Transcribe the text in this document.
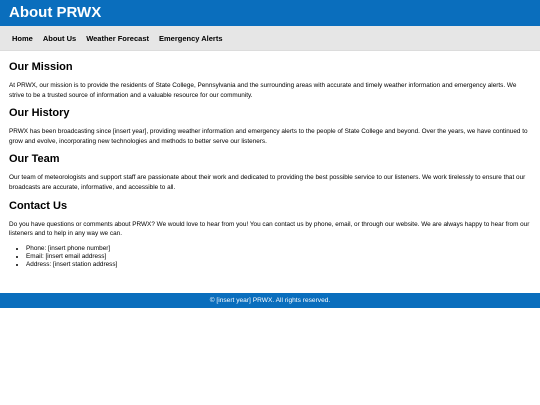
About PRWX
Home About Us Weather Forecast Emergency Alerts
Our Mission

At PRWX, our mission is to provide the residents of State College, Pennsylvania and the surrounding areas with accurate and timely weather information and emergency alerts. We strive to be a trusted source of information and a valuable resource for our community.

Our History

PRWX has been broadcasting since [insert year], providing weather information and emergency alerts to the people of State College and beyond. Over the years, we have continued to grow and evolve, incorporating new technologies and methods to better serve our listeners.

Our Team

Our team of meteorologists and support staff are passionate about their work and dedicated to providing the best possible service to our listeners. We work tirelessly to ensure that our broadcasts are accurate, informative, and accessible to all.

Contact Us

Do you have questions or comments about PRWX? We would love to hear from you! You can contact us by phone, email, or through our website. We are always happy to hear from our listeners and to help in any way we can.

• Phone: [insert phone number]
• Email: [insert email address]
• Address: [insert station address]
© [insert year] PRWX. All rights reserved.
